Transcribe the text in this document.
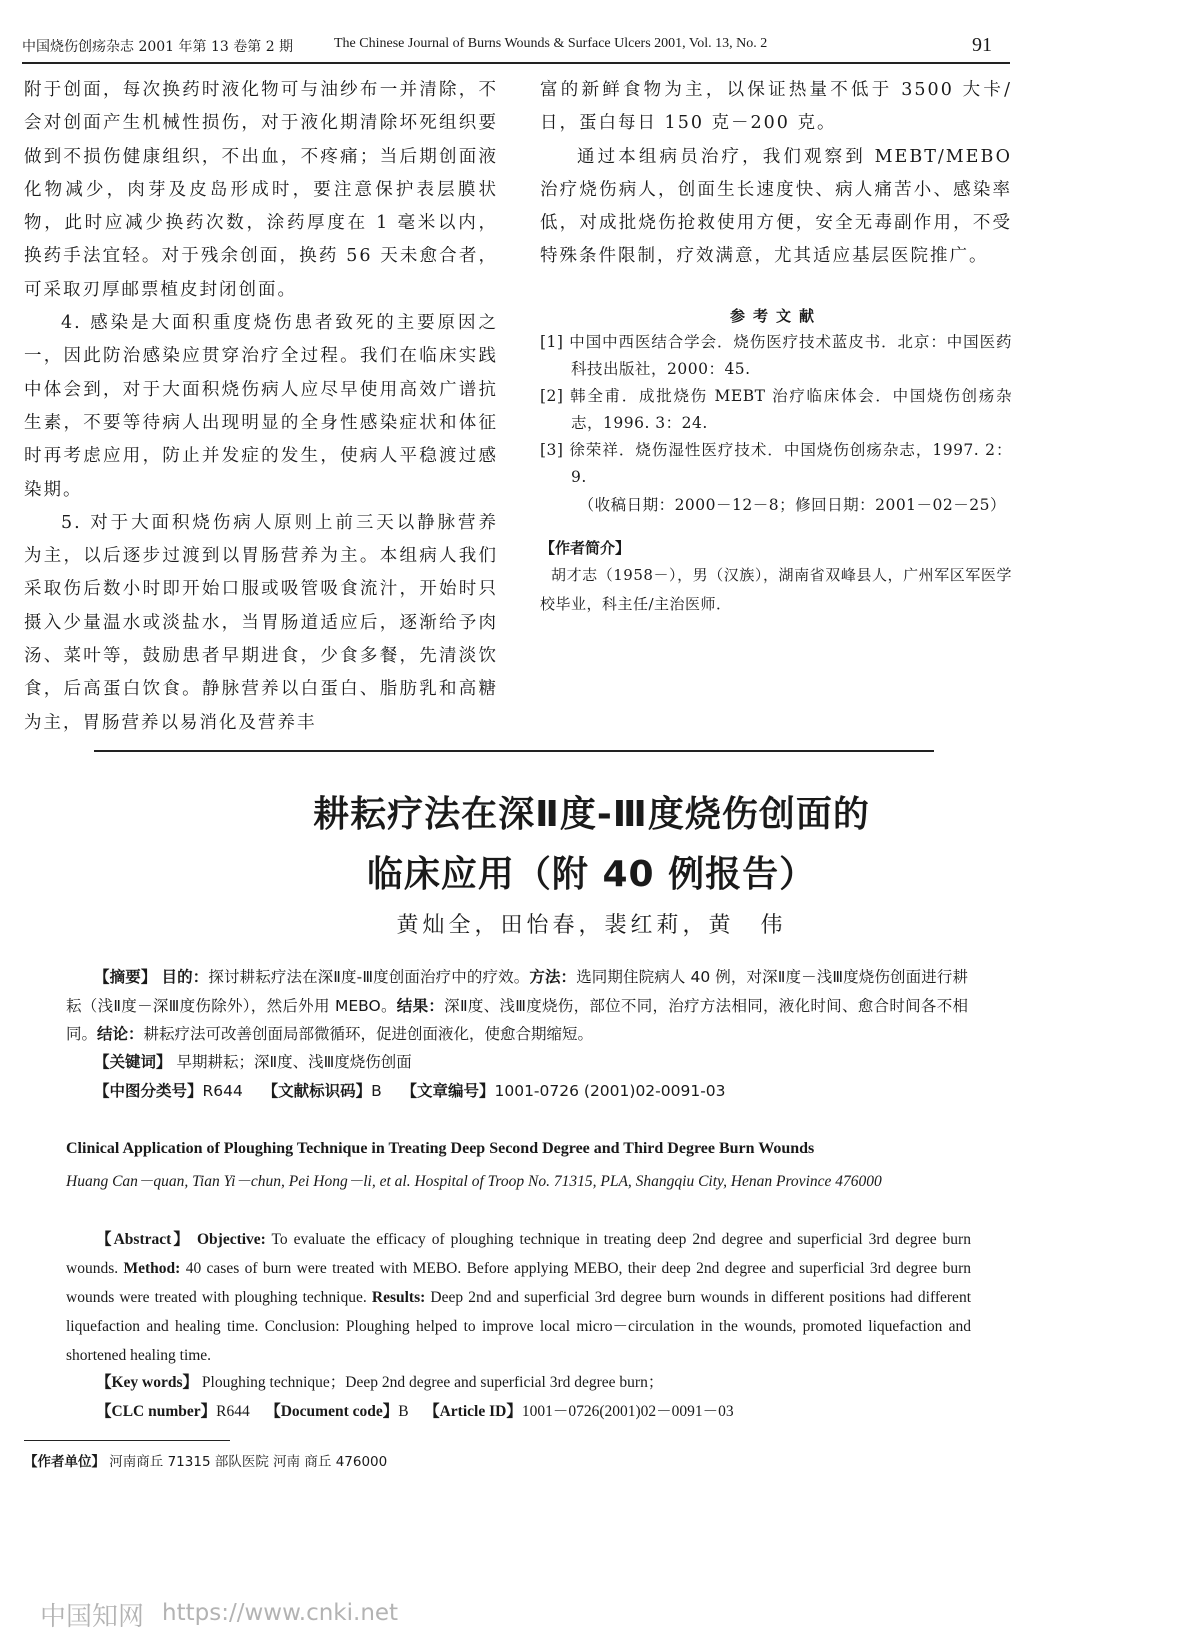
中国烧伤创疡杂志 2001 年第 13 卷第 2 期	The Chinese Journal of Burns Wounds & Surface Ulcers 2001, Vol. 13, No. 2	91

附于创面，每次换药时液化物可与油纱布一并清除，不会对创面产生机械性损伤，对于液化期清除坏死组织要做到不损伤健康组织，不出血，不疼痛；当后期创面液化物减少，肉芽及皮岛形成时，要注意保护表层膜状物，此时应减少换药次数，涂药厚度在 1 毫米以内，换药手法宜轻。对于残余创面，换药 56 天未愈合者，可采取刃厚邮票植皮封闭创面。

4. 感染是大面积重度烧伤患者致死的主要原因之一，因此防治感染应贯穿治疗全过程。我们在临床实践中体会到，对于大面积烧伤病人应尽早使用高效广谱抗生素，不要等待病人出现明显的全身性感染症状和体征时再考虑应用，防止并发症的发生，使病人平稳渡过感染期。

5. 对于大面积烧伤病人原则上前三天以静脉营养为主，以后逐步过渡到以胃肠营养为主。本组病人我们采取伤后数小时即开始口服或吸管吸食流汁，开始时只摄入少量温水或淡盐水，当胃肠道适应后，逐渐给予肉汤、菜叶等，鼓励患者早期进食，少食多餐，先清淡饮食，后高蛋白饮食。静脉营养以白蛋白、脂肪乳和高糖为主，胃肠营养以易消化及营养丰

富的新鲜食物为主，以保证热量不低于 3500 大卡/日，蛋白每日 150 克－200 克。

通过本组病员治疗，我们观察到 MEBT/MEBO 治疗烧伤病人，创面生长速度快、病人痛苦小、感染率低，对成批烧伤抢救使用方便，安全无毒副作用，不受特殊条件限制，疗效满意，尤其适应基层医院推广。

参考文献

[1] 中国中西医结合学会．烧伤医疗技术蓝皮书．北京：中国医药科技出版社，2000：45.

[2] 韩全甫．成批烧伤 MEBT 治疗临床体会．中国烧伤创疡杂志，1996. 3：24.

[3] 徐荣祥．烧伤湿性医疗技术．中国烧伤创疡杂志，1997. 2：9.

（收稿日期：2000－12－8；修回日期：2001－02－25）

【作者简介】

胡才志（1958－），男（汉族），湖南省双峰县人，广州军区军医学校毕业，科主任/主治医师．

耕耘疗法在深Ⅱ度-Ⅲ度烧伤创面的
临床应用（附 40 例报告）
黄灿全，田怡春，裴红莉，黄　伟
【摘要】 目的：探讨耕耘疗法在深Ⅱ度-Ⅲ度创面治疗中的疗效。方法：选同期住院病人 40 例，对深Ⅱ度－浅Ⅲ度烧伤创面进行耕耘（浅Ⅱ度－深Ⅲ度伤除外），然后外用 MEBO。结果：深Ⅱ度、浅Ⅲ度烧伤，部位不同，治疗方法相同，液化时间、愈合时间各不相同。结论：耕耘疗法可改善创面局部微循环，促进创面液化，使愈合期缩短。
【关键词】 早期耕耘；深Ⅱ度、浅Ⅲ度烧伤创面
【中图分类号】R644 【文献标识码】B 【文章编号】1001-0726 (2001)02-0091-03
Clinical Application of Ploughing Technique in Treating Deep Second Degree and Third Degree Burn Wounds
Huang Can－quan, Tian Yi－chun, Pei Hong－li, et al. Hospital of Troop No. 71315, PLA, Shangqiu City, Henan Province 476000
【Abstract】 Objective: To evaluate the efficacy of ploughing technique in treating deep 2nd degree and superficial 3rd degree burn wounds. Method: 40 cases of burn were treated with MEBO. Before applying MEBO, their deep 2nd degree and superficial 3rd degree burn wounds were treated with ploughing technique. Results: Deep 2nd and superficial 3rd degree burn wounds in different positions had different liquefaction and healing time. Conclusion: Ploughing helped to improve local micro－circulation in the wounds, promoted liquefaction and shortened healing time.
【Key words】 Ploughing technique；Deep 2nd degree and superficial 3rd degree burn；
【CLC number】R644 【Document code】B 【Article ID】1001－0726(2001)02－0091－03
【作者单位】 河南商丘 71315 部队医院 河南 商丘 476000
中国知网 https://www.cnki.net
